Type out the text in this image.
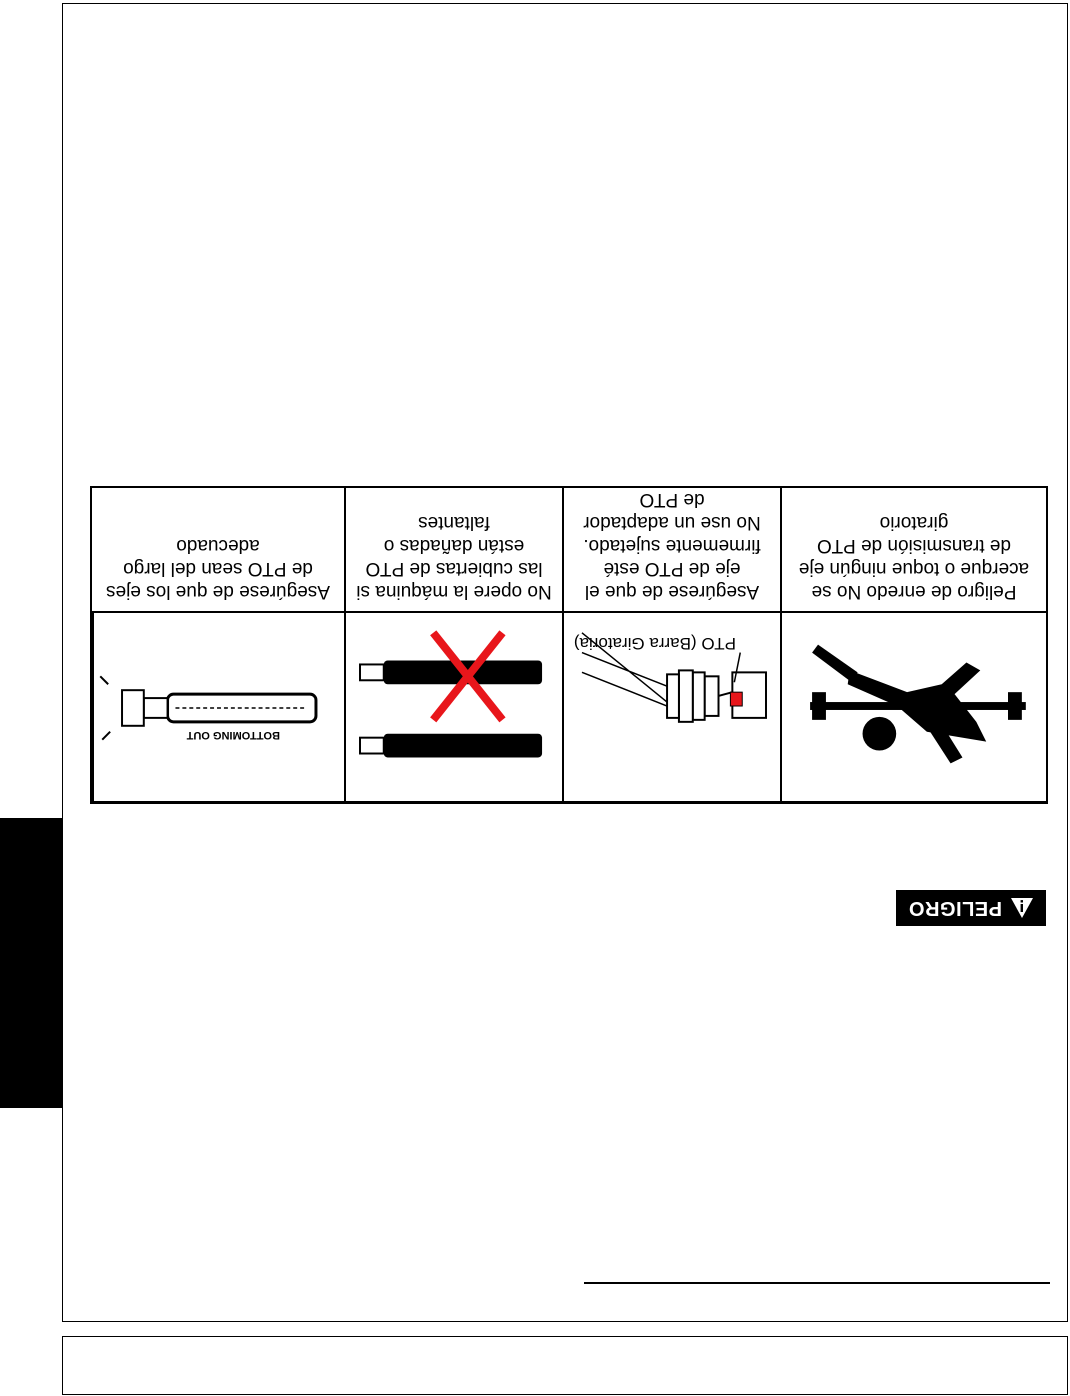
PELIGRO
PTO (Barra Giratoria)
BOTTOMING OUT

Peligro de enredo No se acerque o toque ningún eje de transmisión de PTO giratorio

Asegúrese de que el eje de PTO esté firmemente sujetado. No use un adaptador de PTO

No opere la máquina si las cubiertas de PTO están dañadas o faltantes

Asegúrese de que los ejes de PTO sean del largo adecuado
